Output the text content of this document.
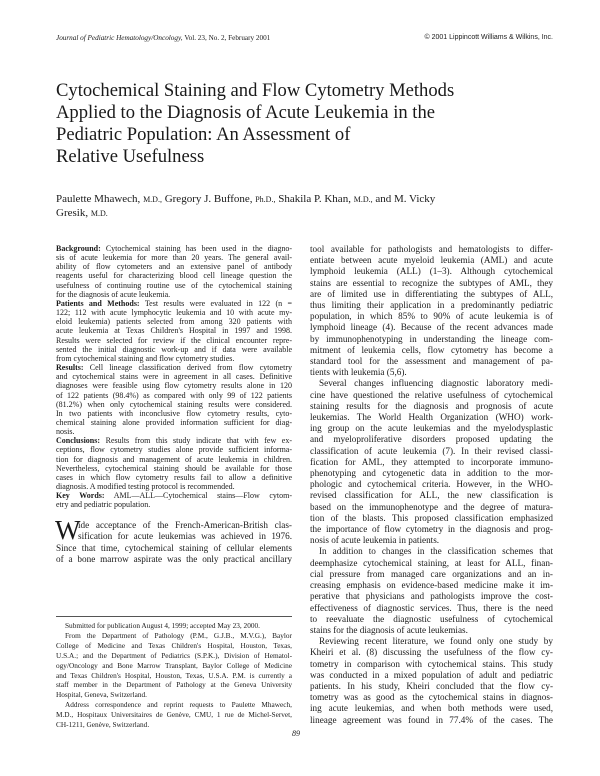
Journal of Pediatric Hematology/Oncology, Vol. 23, No. 2, February 2001	© 2001 Lippincott Williams & Wilkins, Inc.
Cytochemical Staining and Flow Cytometry Methods
Applied to the Diagnosis of Acute Leukemia in the
Pediatric Population: An Assessment of
Relative Usefulness
Paulette Mhawech, M.D., Gregory J. Buffone, Ph.D., Shakila P. Khan, M.D., and M. Vicky Gresik, M.D.
Background: Cytochemical staining has been used in the diagno-
sis of acute leukemia for more than 20 years. The general avail-
ability of flow cytometers and an extensive panel of antibody
reagents useful for characterizing blood cell lineage question the
usefulness of continuing routine use of the cytochemical staining
for the diagnosis of acute leukemia.
Patients and Methods: Test results were evaluated in 122 (n =
122; 112 with acute lymphocytic leukemia and 10 with acute my-
eloid leukemia) patients selected from among 320 patients with
acute leukemia at Texas Children's Hospital in 1997 and 1998.
Results were selected for review if the clinical encounter repre-
sented the initial diagnostic work-up and if data were available
from cytochemical staining and flow cytometry studies.
Results: Cell lineage classification derived from flow cytometry
and cytochemical stains were in agreement in all cases. Definitive
diagnoses were feasible using flow cytometry results alone in 120
of 122 patients (98.4%) as compared with only 99 of 122 patients
(81.2%) when only cytochemical staining results were considered.
In two patients with inconclusive flow cytometry results, cyto-
chemical staining alone provided information sufficient for diag-
nosis.
Conclusions: Results from this study indicate that with few ex-
ceptions, flow cytometry studies alone provide sufficient informa-
tion for diagnosis and management of acute leukemia in children.
Nevertheless, cytochemical staining should be available for those
cases in which flow cytometry results fail to allow a definitive
diagnosis. A modified testing protocol is recommended.
Key Words: AML—ALL—Cytochemical stains—Flow cytom-
etry and pediatric population.
W
ide acceptance of the French-American-British clas-
sification for acute leukemias was achieved in 1976.
Since that time, cytochemical staining of cellular elements
of a bone marrow aspirate was the only practical ancillary
tool available for pathologists and hematologists to differ-
entiate between acute myeloid leukemia (AML) and acute
lymphoid leukemia (ALL) (1–3). Although cytochemical
stains are essential to recognize the subtypes of AML, they
are of limited use in differentiating the subtypes of ALL,
thus limiting their application in a predominantly pediatric
population, in which 85% to 90% of acute leukemia is of
lymphoid lineage (4). Because of the recent advances made
by immunophenotyping in understanding the lineage com-
mitment of leukemia cells, flow cytometry has become a
standard tool for the assessment and management of pa-
tients with leukemia (5,6).
Several changes influencing diagnostic laboratory medi-
cine have questioned the relative usefulness of cytochemical
staining results for the diagnosis and prognosis of acute
leukemias. The World Health Organization (WHO) work-
ing group on the acute leukemias and the myelodysplastic
and myeloproliferative disorders proposed updating the
classification of acute leukemia (7). In their revised classi-
fication for AML, they attempted to incorporate immuno-
phenotyping and cytogenetic data in addition to the mor-
phologic and cytochemical criteria. However, in the WHO-
revised classification for ALL, the new classification is
based on the immunophenotype and the degree of matura-
tion of the blasts. This proposed classification emphasized
the importance of flow cytometry in the diagnosis and prog-
nosis of acute leukemia in patients.
In addition to changes in the classification schemes that
deemphasize cytochemical staining, at least for ALL, finan-
cial pressure from managed care organizations and an in-
creasing emphasis on evidence-based medicine make it im-
perative that physicians and pathologists improve the cost-
effectiveness of diagnostic services. Thus, there is the need
to reevaluate the diagnostic usefulness of cytochemical
stains for the diagnosis of acute leukemias.
Reviewing recent literature, we found only one study by
Kheiri et al. (8) discussing the usefulness of the flow cy-
tometry in comparison with cytochemical stains. This study
was conducted in a mixed population of adult and pediatric
patients. In his study, Kheiri concluded that the flow cy-
tometry was as good as the cytochemical stains in diagnos-
ing acute leukemias, and when both methods were used,
lineage agreement was found in 77.4% of the cases. The
Submitted for publication August 4, 1999; accepted May 23, 2000.
From the Department of Pathology (P.M., G.J.B., M.V.G.), Baylor
College of Medicine and Texas Children's Hospital, Houston, Texas,
U.S.A.; and the Department of Pediatrics (S.P.K.), Division of Hematol-
ogy/Oncology and Bone Marrow Transplant, Baylor College of Medicine
and Texas Children's Hospital, Houston, Texas, U.S.A. P.M. is currently a
staff member in the Department of Pathology at the Geneva University
Hospital, Geneva, Switzerland.
Address correspondence and reprint requests to Paulette Mhawech,
M.D., Hospitaux Universitaires de Genève, CMU, 1 rue de Michel-Servet,
CH-1211, Genève, Switzerland.
89
